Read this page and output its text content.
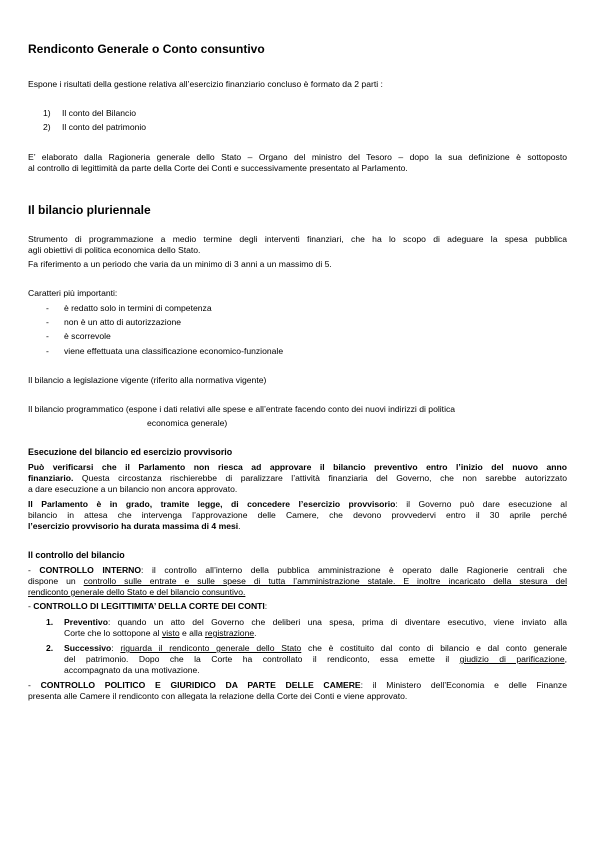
Rendiconto Generale o Conto consuntivo
Espone i risultati della gestione relativa all’esercizio finanziario concluso è formato da 2 parti :
1) Il conto del Bilancio
2) Il conto del patrimonio
E’ elaborato dalla Ragioneria generale dello Stato – Organo del ministro del Tesoro – dopo la sua definizione è sottoposto
al controllo di legittimità da parte della Corte dei Conti e successivamente presentato al Parlamento.
Il bilancio pluriennale
Strumento di programmazione a medio termine degli interventi finanziari, che ha lo scopo di adeguare la spesa pubblica
agli obiettivi di politica economica dello Stato.
Fa riferimento a un periodo che varia da un minimo di 3 anni a un massimo di 5.
Caratteri più importanti:
- è redatto solo in termini di competenza
- non è un atto di autorizzazione
- è scorrevole
- viene effettuata una classificazione economico-funzionale
Il bilancio a legislazione vigente (riferito alla normativa vigente)
Il bilancio programmatico (espone i dati relativi alle spese e all’entrate facendo conto dei nuovi indirizzi di politica
economica generale)
Esecuzione del bilancio ed esercizio provvisorio
Può verificarsi che il Parlamento non riesca ad approvare il bilancio preventivo entro l’inizio del nuovo anno
finanziario. Questa circostanza rischierebbe di paralizzare l’attività finanziaria del Governo, che non sarebbe autorizzato
a dare esecuzione a un bilancio non ancora approvato.
Il Parlamento è in grado, tramite legge, di concedere l’esercizio provvisorio: il Governo può dare esecuzione al
bilancio in attesa che intervenga l’approvazione delle Camere, che devono provvedervi entro il 30 aprile perché
l’esercizio provvisorio ha durata massima di 4 mesi.
Il controllo del bilancio
- CONTROLLO INTERNO: il controllo all’interno della pubblica amministrazione è operato dalle Ragionerie centrali che
dispone un controllo sulle entrate e sulle spese di tutta l’amministrazione statale. E inoltre incaricato della stesura del
rendiconto generale dello Stato e del bilancio consuntivo.
- CONTROLLO DI LEGITTIMITA’ DELLA CORTE DEI CONTI:
1. Preventivo: quando un atto del Governo che deliberi una spesa, prima di diventare esecutivo, viene inviato alla
Corte che lo sottopone al visto e alla registrazione.
2. Successivo: riguarda il rendiconto generale dello Stato che è costituito dal conto di bilancio e dal conto generale
del patrimonio. Dopo che la Corte ha controllato il rendiconto, essa emette il giudizio di parificazione,
accompagnato da una motivazione.
- CONTROLLO POLITICO E GIURIDICO DA PARTE DELLE CAMERE: il Ministero dell’Economia e delle Finanze
presenta alle Camere il rendiconto con allegata la relazione della Corte dei Conti e viene approvato.
